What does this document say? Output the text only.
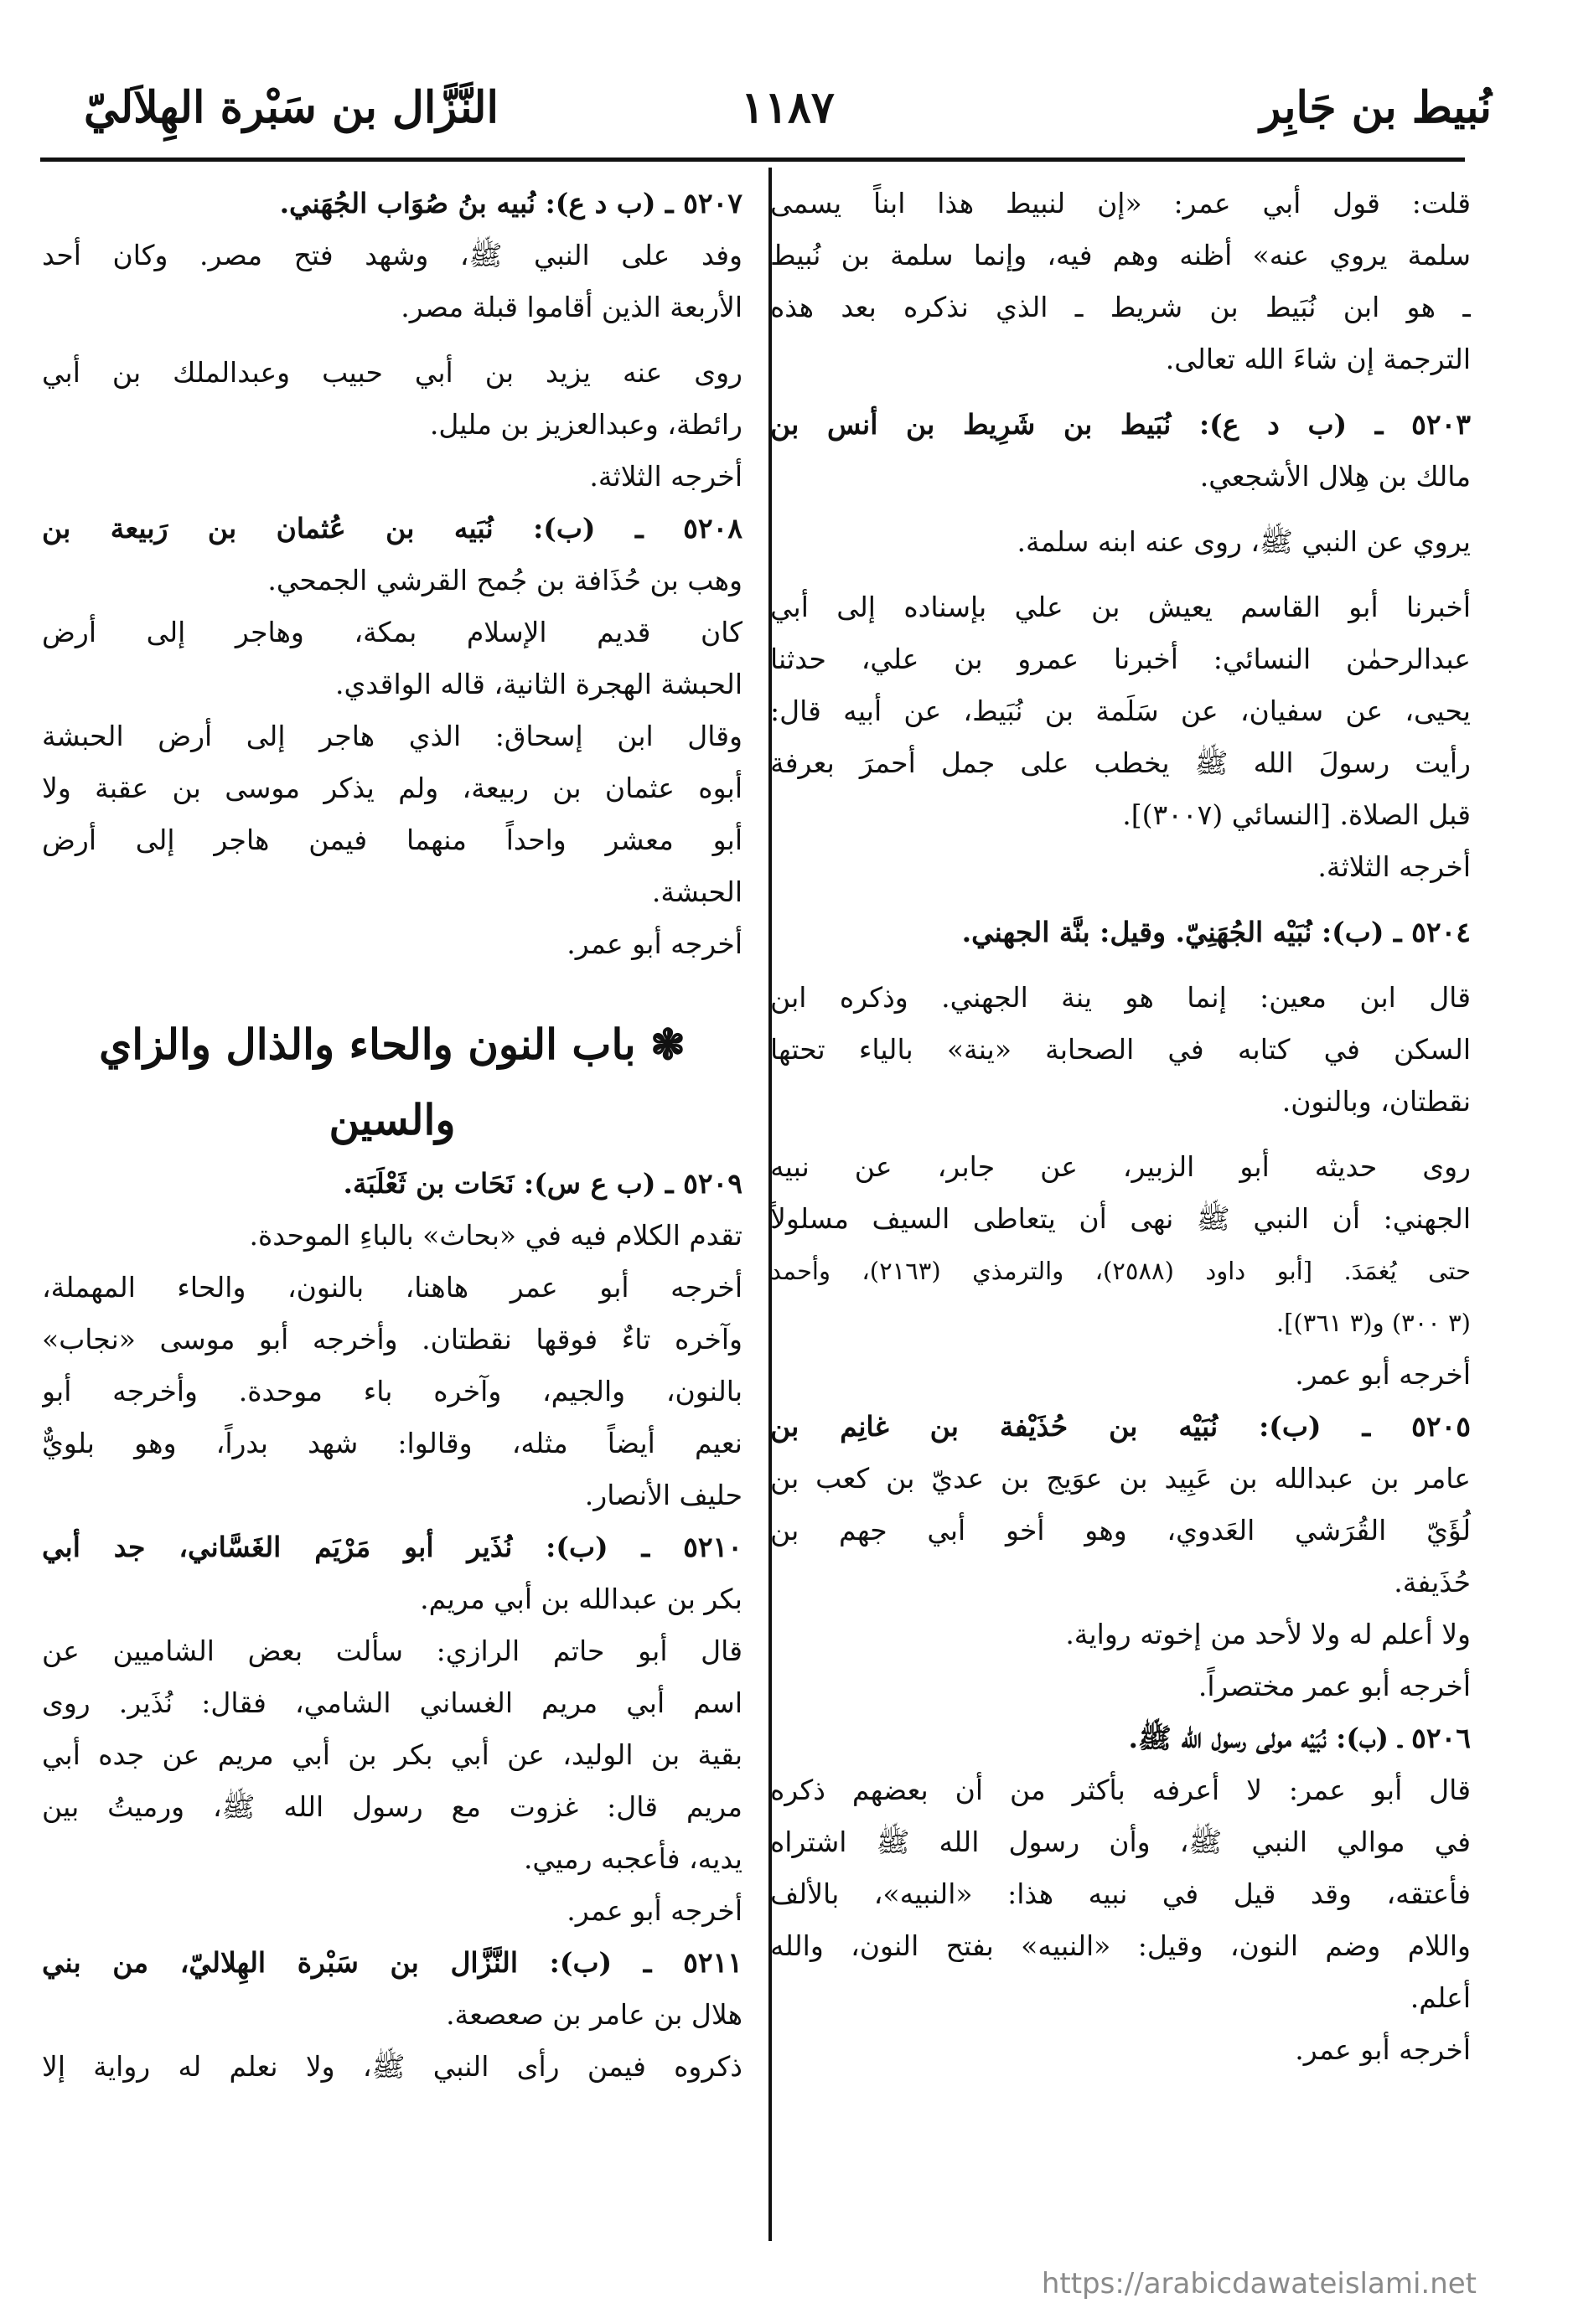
نُبيط بن جَابِر
١١٨٧
النَّزَّال بن سَبْرة الهِلاَليّ
قلت: قول أبي عمر: «إن لنبيط هذا ابناً يسمى
سلمة يروي عنه» أظنه وهم فيه، وإنما سلمة بن نُبيط
ـ هو ابن نُبَيط بن شريط ـ الذي نذكره بعد هذه
الترجمة إن شاءَ الله تعالى.
٥٢٠٣ ـ (ب د ع): نُبَيط بن شَرِيط بن أنس بن
مالك بن هِلال الأشجعي.
يروي عن النبي ﷺ، روى عنه ابنه سلمة.
أخبرنا أبو القاسم يعيش بن علي بإسناده إلى أبي
عبدالرحمٰن النسائي: أخبرنا عمرو بن علي، حدثنا
يحيى، عن سفيان، عن سَلَمة بن نُبَيط، عن أبيه قال:
رأيت رسولَ الله ﷺ يخطب على جمل أحمرَ بعرفة
قبل الصلاة. [النسائي (٣٠٠٧)].
أخرجه الثلاثة.
٥٢٠٤ ـ (ب): نُبَيْه الجُهَنِيّ. وقيل: بنَّة الجهني.
قال ابن معين: إنما هو ينة الجهني. وذكره ابن
السكن في كتابه في الصحابة «ينة» بالياء تحتها
نقطتان، وبالنون.
روى حديثه أبو الزبير، عن جابر، عن نبيه
الجهني: أن النبي ﷺ نهى أن يتعاطى السيف مسلولاً
حتى يُغمَدَ. [أبو داود (٢٥٨٨)، والترمذي (٢١٦٣)، وأحمد
(٣ ٣٠٠) و(٣ ٣٦١)].
أخرجه أبو عمر.
٥٢٠٥ ـ (ب): نُبَيْه بن حُذَيْفة بن غانِم بن
عامر بن عبدالله بن عَبِيد بن عوَيج بن عديّ بن كعب بن
لُؤَيّ القُرَشي العَدوي، وهو أخو أبي جهم بن
حُذَيفة.
ولا أعلم له ولا لأحد من إخوته رواية.
أخرجه أبو عمر مختصراً.
٥٢٠٦ ـ (ب): نُبَيْه مولى رسول الله ﷺ.
قال أبو عمر: لا أعرفه بأكثر من أن بعضهم ذكره
في موالي النبي ﷺ، وأن رسول الله ﷺ اشتراه
فأعتقه، وقد قيل في نبيه هذا: «النبيه»، بالألف
واللام وضم النون، وقيل: «النبيه» بفتح النون، والله
أعلم.
أخرجه أبو عمر.
٥٢٠٧ ـ (ب د ع): نُبيه بنُ صُوَاب الجُهَني.
وفد على النبي ﷺ، وشهد فتح مصر. وكان أحد
الأربعة الذين أقاموا قبلة مصر.
روى عنه يزيد بن أبي حبيب وعبدالملك بن أبي
رائطة، وعبدالعزيز بن مليل.
أخرجه الثلاثة.
٥٢٠٨ ـ (ب): نُبَيه بن عُثمان بن رَبيعة بن
وهب بن حُذَافة بن جُمح القرشي الجمحي.
كان قديم الإسلام بمكة، وهاجر إلى أرض
الحبشة الهجرة الثانية، قاله الواقدي.
وقال ابن إسحاق: الذي هاجر إلى أرض الحبشة
أبوه عثمان بن ربيعة، ولم يذكر موسى بن عقبة ولا
أبو معشر واحداً منهما فيمن هاجر إلى أرض
الحبشة.
أخرجه أبو عمر.
❃ باب النون والحاء والذال والزاي
والسين
٥٢٠٩ ـ (ب ع س): نَحَات بن ثَعْلَبَة.
تقدم الكلام فيه في «بحاث» بالباءِ الموحدة.
أخرجه أبو عمر هاهنا، بالنون، والحاء المهملة،
وآخره تاءٌ فوقها نقطتان. وأخرجه أبو موسى «نجاب»
بالنون، والجيم، وآخره باء موحدة. وأخرجه أبو
نعيم أيضاً مثله، وقالوا: شهد بدراً، وهو بلويٌّ
حليف الأنصار.
٥٢١٠ ـ (ب): نُذَير أبو مَرْيَم الغَسَّاني، جد أبي
بكر بن عبدالله بن أبي مريم.
قال أبو حاتم الرازي: سألت بعض الشاميين عن
اسم أبي مريم الغساني الشامي، فقال: نُذَير. روى
بقية بن الوليد، عن أبي بكر بن أبي مريم عن جده أبي
مريم قال: غزوت مع رسول الله ﷺ، ورميتُ بين
يديه، فأعجبه رميي.
أخرجه أبو عمر.
٥٢١١ ـ (ب): النَّزَّال بن سَبْرة الهِلاليّ، من بني
هلال بن عامر بن صعصعة.
ذكروه فيمن رأى النبي ﷺ، ولا نعلم له رواية إلا
https://arabicdawateislami.net
